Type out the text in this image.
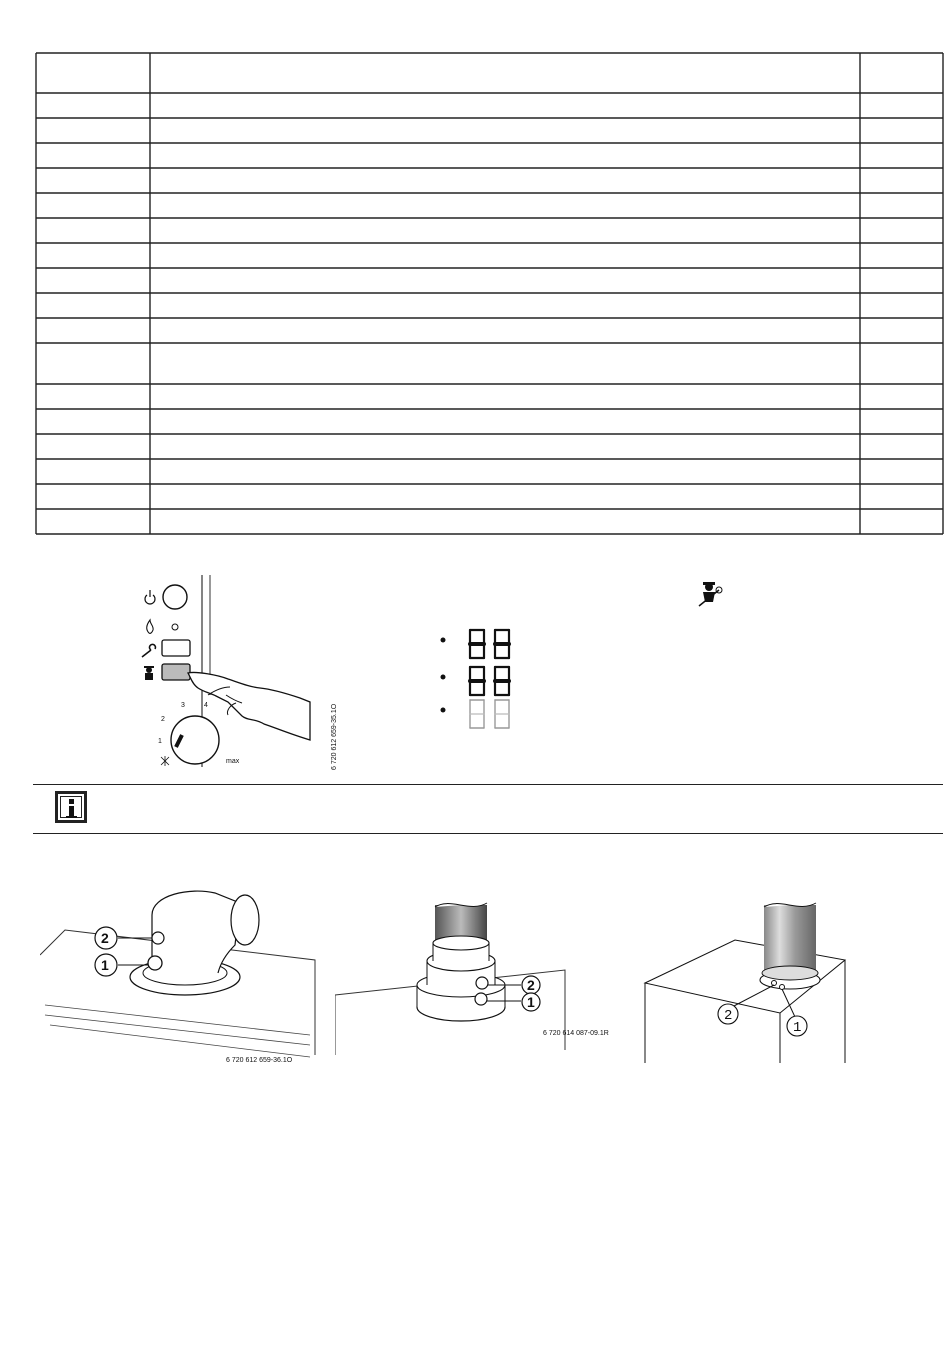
1
2
3	4
max	6 720 612 659-35.1O
2
1
6 720 612 659-36.1O
2
1
6 720 614 087-09.1R
2
1
